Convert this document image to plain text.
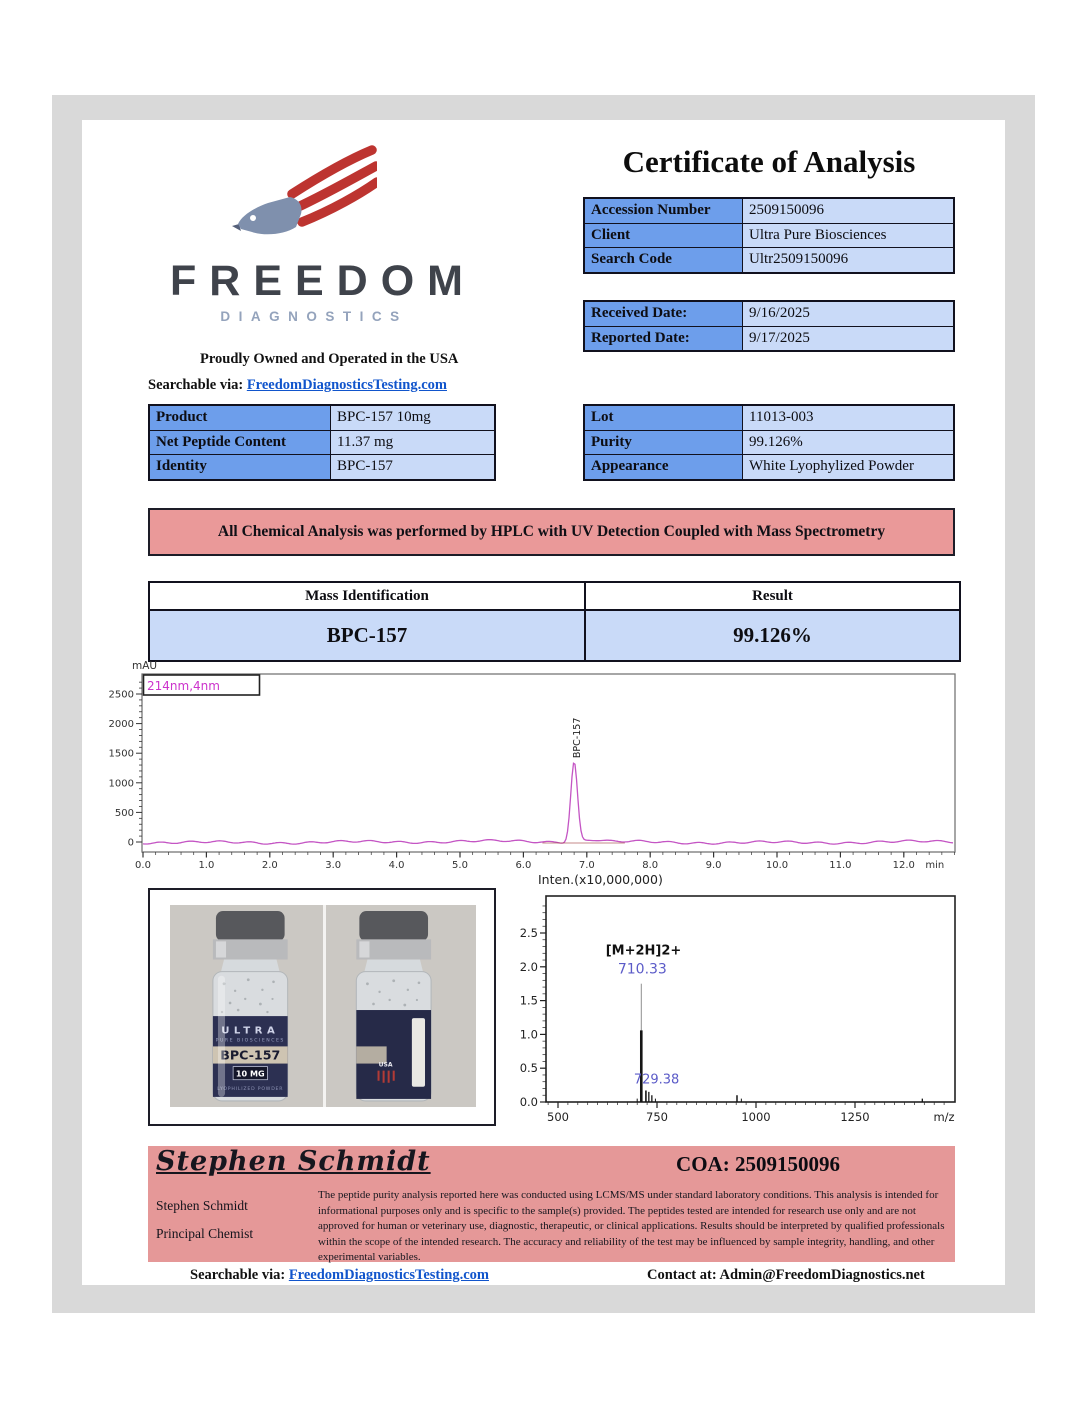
FREEDOM
DIAGNOSTICS
Proudly Owned and Operated in the USA
Searchable via: FreedomDiagnosticsTesting.com
Certificate of Analysis
Accession Number	2509150096
Client	Ultra Pure Biosciences
Search Code	Ultr2509150096
Received Date:	9/16/2025
Reported Date:	9/17/2025
Product	BPC-157 10mg
Net Peptide Content	11.37 mg
Identity	BPC-157
Lot	11013-003
Purity	99.126%
Appearance	White Lyophylized Powder
All Chemical Analysis was performed by HPLC with UV Detection Coupled with Mass Spectrometry
Mass Identification	Result
BPC-157	99.126%
mAU
214nm,4nm
0
500
1000
1500
2000
2500
0.0	1.0	2.0	3.0	4.0	5.0	6.0	7.0	8.0	9.0	10.0	11.0	12.0 min
BPC-157
ULTRA
PURE BIOSCIENCES
BPC-157
10 MG
LYOPHILIZED POWDER
USA
Inten.(x10,000,000)
0.0
0.5
1.0
1.5
2.0
2.5
500	750	1000	1250	m/z
[M+2H]2+
710.33
729.38
Stephen Schmidt	COA: 2509150096
Stephen Schmidt
Principal Chemist
The peptide purity analysis reported here was conducted using LCMS/MS under standard laboratory conditions. This analysis is intended for informational purposes only and is specific to the sample(s) provided. The peptides tested are intended for research use only and are not approved for human or veterinary use, diagnostic, therapeutic, or clinical applications. Results should be interpreted by qualified professionals within the scope of the intended research. The accuracy and reliability of the test may be influenced by sample integrity, handling, and other experimental variables.
Searchable via: FreedomDiagnosticsTesting.com	Contact at: Admin@FreedomDiagnostics.net
